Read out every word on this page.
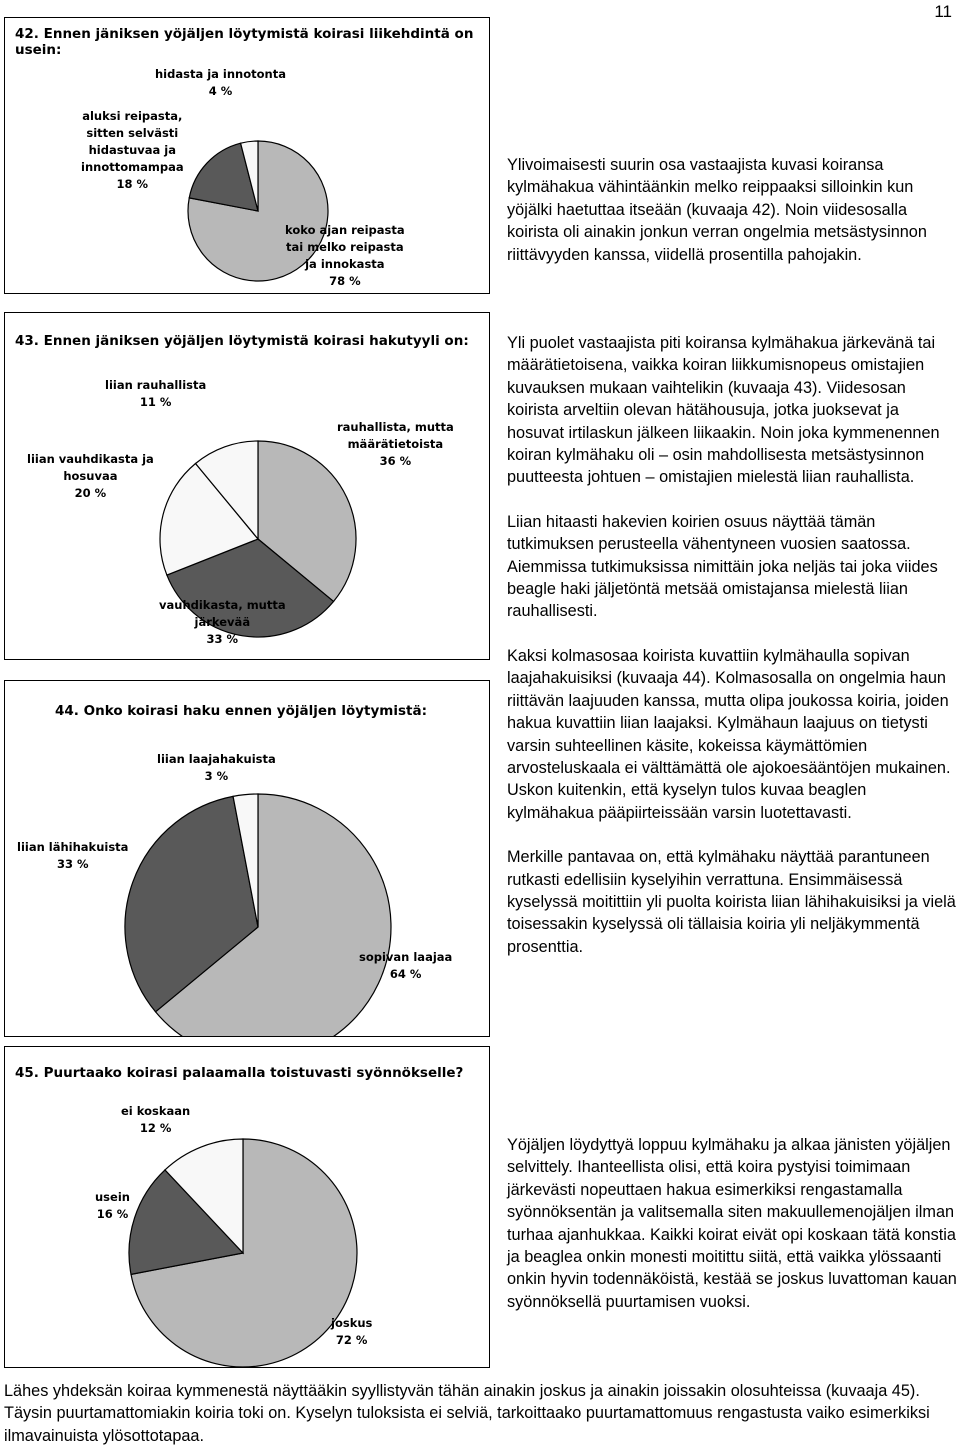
11
42. Ennen jäniksen yöjäljen löytymistä koirasi liikehdintä on usein:
hidasta ja innotonta
4 %
aluksi reipasta,
sitten selvästi
hidastuvaa ja
innottomampaa
18 %
koko ajan reipasta
tai melko reipasta
ja innokasta
78 %
43. Ennen jäniksen yöjäljen löytymistä koirasi hakutyyli on:
liian rauhallista
11 %
rauhallista, mutta
määrätietoista
36 %
liian vauhdikasta ja
hosuvaa
20 %
vauhdikasta, mutta
järkevää
33 %
44. Onko koirasi haku ennen yöjäljen löytymistä:
liian laajahakuista
3 %
liian lähihakuista
33 %
sopivan laajaa
64 %
45. Puurtaako koirasi palaamalla toistuvasti syönnökselle?
ei koskaan
12 %
usein
16 %
joskus
72 %

Ylivoimaisesti suurin osa vastaajista kuvasi koiransa kylmähakua vähintäänkin melko reippaaksi silloinkin kun yöjälki haetuttaa itseään (kuvaaja 42). Noin viidesosalla koirista oli ainakin jonkun verran ongelmia metsästysinnon riittävyyden kanssa, viidellä prosentilla pahojakin.

Yli puolet vastaajista piti koiransa kylmähakua järkevänä tai määrätietoisena, vaikka koiran liikkumisnopeus omistajien kuvauksen mukaan vaihtelikin (kuvaaja 43). Viidesosan koirista arveltiin olevan hätähousuja, jotka juoksevat ja hosuvat irtilaskun jälkeen liikaakin. Noin joka kymmenennen koiran kylmähaku oli – osin mahdollisesta metsästysinnon puutteesta johtuen – omistajien mielestä liian rauhallista.

Liian hitaasti hakevien koirien osuus näyttää tämän tutkimuksen perusteella vähentyneen vuosien saatossa. Aiemmissa tutkimuksissa nimittäin joka neljäs tai joka viides beagle haki jäljetöntä metsää omistajansa mielestä liian rauhallisesti.

Kaksi kolmasosaa koirista kuvattiin kylmähaulla sopivan laajahakuisiksi (kuvaaja 44). Kolmasosalla on ongelmia haun riittävän laajuuden kanssa, mutta olipa joukossa koiria, joiden hakua kuvattiin liian laajaksi. Kylmähaun laajuus on tietysti varsin suhteellinen käsite, kokeissa käymättömien arvosteluskaala ei välttämättä ole ajokoesääntöjen mukainen. Uskon kuitenkin, että kyselyn tulos kuvaa beaglen kylmähakua pääpiirteissään varsin luotettavasti.

Merkille pantavaa on, että kylmähaku näyttää parantuneen rutkasti edellisiin kyselyihin verrattuna. Ensimmäisessä kyselyssä moitittiin yli puolta koirista liian lähihakuisiksi ja vielä toisessakin kyselyssä oli tällaisia koiria yli neljäkymmentä prosenttia.

Yöjäljen löydyttyä loppuu kylmähaku ja alkaa jänisten yöjäljen selvittely. Ihanteellista olisi, että koira pystyisi toimimaan järkevästi nopeuttaen hakua esimerkiksi rengastamalla syönnöksentän ja valitsemalla siten makuullemenojäljen ilman turhaa ajanhukkaa. Kaikki koirat eivät opi koskaan tätä konstia ja beaglea onkin monesti moitittu siitä, että vaikka ylössaanti onkin hyvin todennäköistä, kestää se joskus luvattoman kauan syönnöksellä puurtamisen vuoksi.

Lähes yhdeksän koiraa kymmenestä näyttääkin syyllistyvän tähän ainakin joskus ja ainakin joissakin olosuhteissa (kuvaaja 45). Täysin puurtamattomiakin koiria toki on. Kyselyn tuloksista ei selviä, tarkoittaako puurtamattomuus rengastusta vaiko esimerkiksi ilmavainuista ylösottotapaa.
